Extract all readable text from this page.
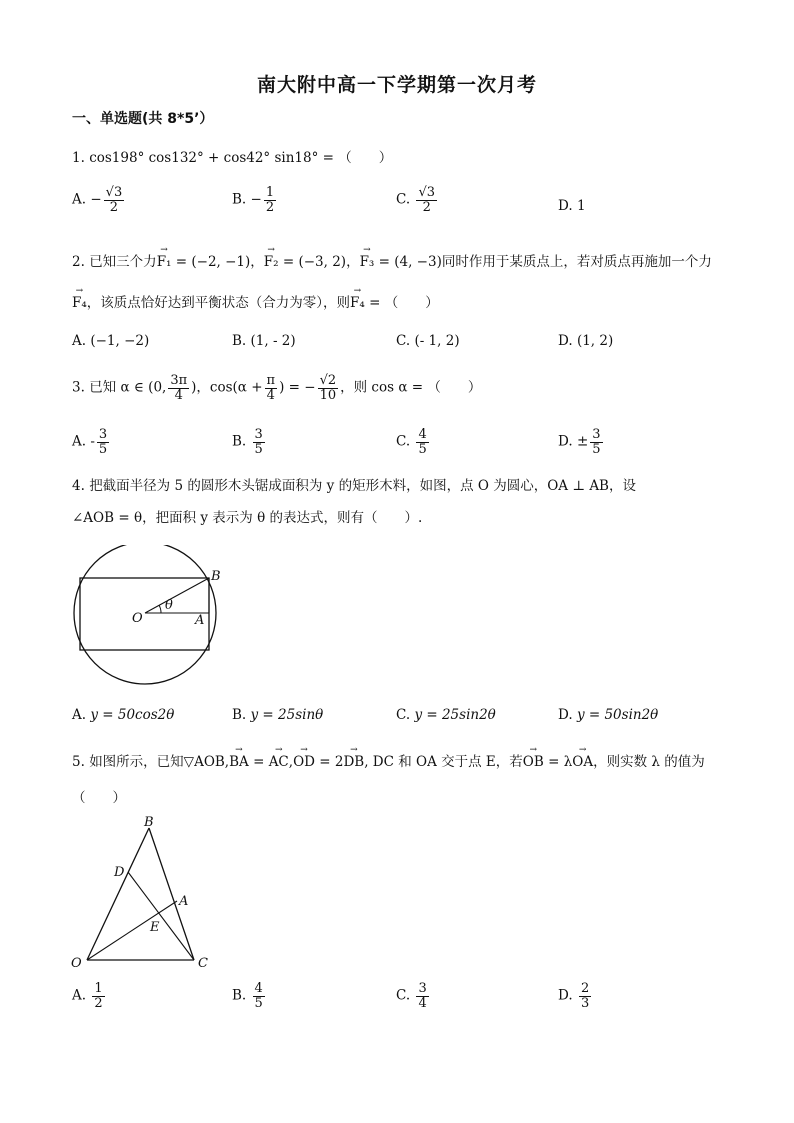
南大附中高一下学期第一次月考
一、单选题(共 8*5’）
1. cos198° cos132° + cos42° sin18° = （　　）
A. − $\frac{√3}{2}$	B. − $\frac{1}{2}$	C. $\frac{√3}{2}$	D. 1
2. 已知三个力→ F₁ = (−2, −1)，→ F₂ = (−3, 2)，→ F₃ = (4, −3)同时作用于某质点上，若对质点再施加一个力
→ F₄，该质点恰好达到平衡状态（合力为零），则→ F₄ = （　　）
A. (−1, −2)	B. (1, - 2)	C. (- 1, 2)	D. (1, 2)
3. 已知 α ∈ (0, $\frac{3\pi}{4}$ )，$\cos(\alpha + \frac{\pi}{4}$ ) = − $\frac{√2}{10}$ ，则 cos α = （　　）
A. - $\frac{3}{5}$	B. $\frac{3}{5}$	C. $\frac{4}{5}$	D. ± $\frac{3}{5}$
4. 把截面半径为 5 的圆形木头锯成面积为 y 的矩形木料，如图，点 O 为圆心，OA ⊥ AB，设
∠AOB = θ，把面积 y 表示为 θ 的表达式，则有（　　）.
B
O	A
θ
A. y = 50cos2θ	B. y = 25sinθ	C. y = 25sin2θ	D. y = 50sin2θ
5. 如图所示，已知▽AOB,→ BA = → AC,→ OD = 2→ DB, DC 和 OA 交于点 E，若→ OB = λ→ OA，则实数 λ 的值为
（　　）
B
D
A
E
O	C
A. $\frac{1}{2}$	B. $\frac{4}{5}$	C. $\frac{3}{4}$	D. $\frac{2}{3}$
